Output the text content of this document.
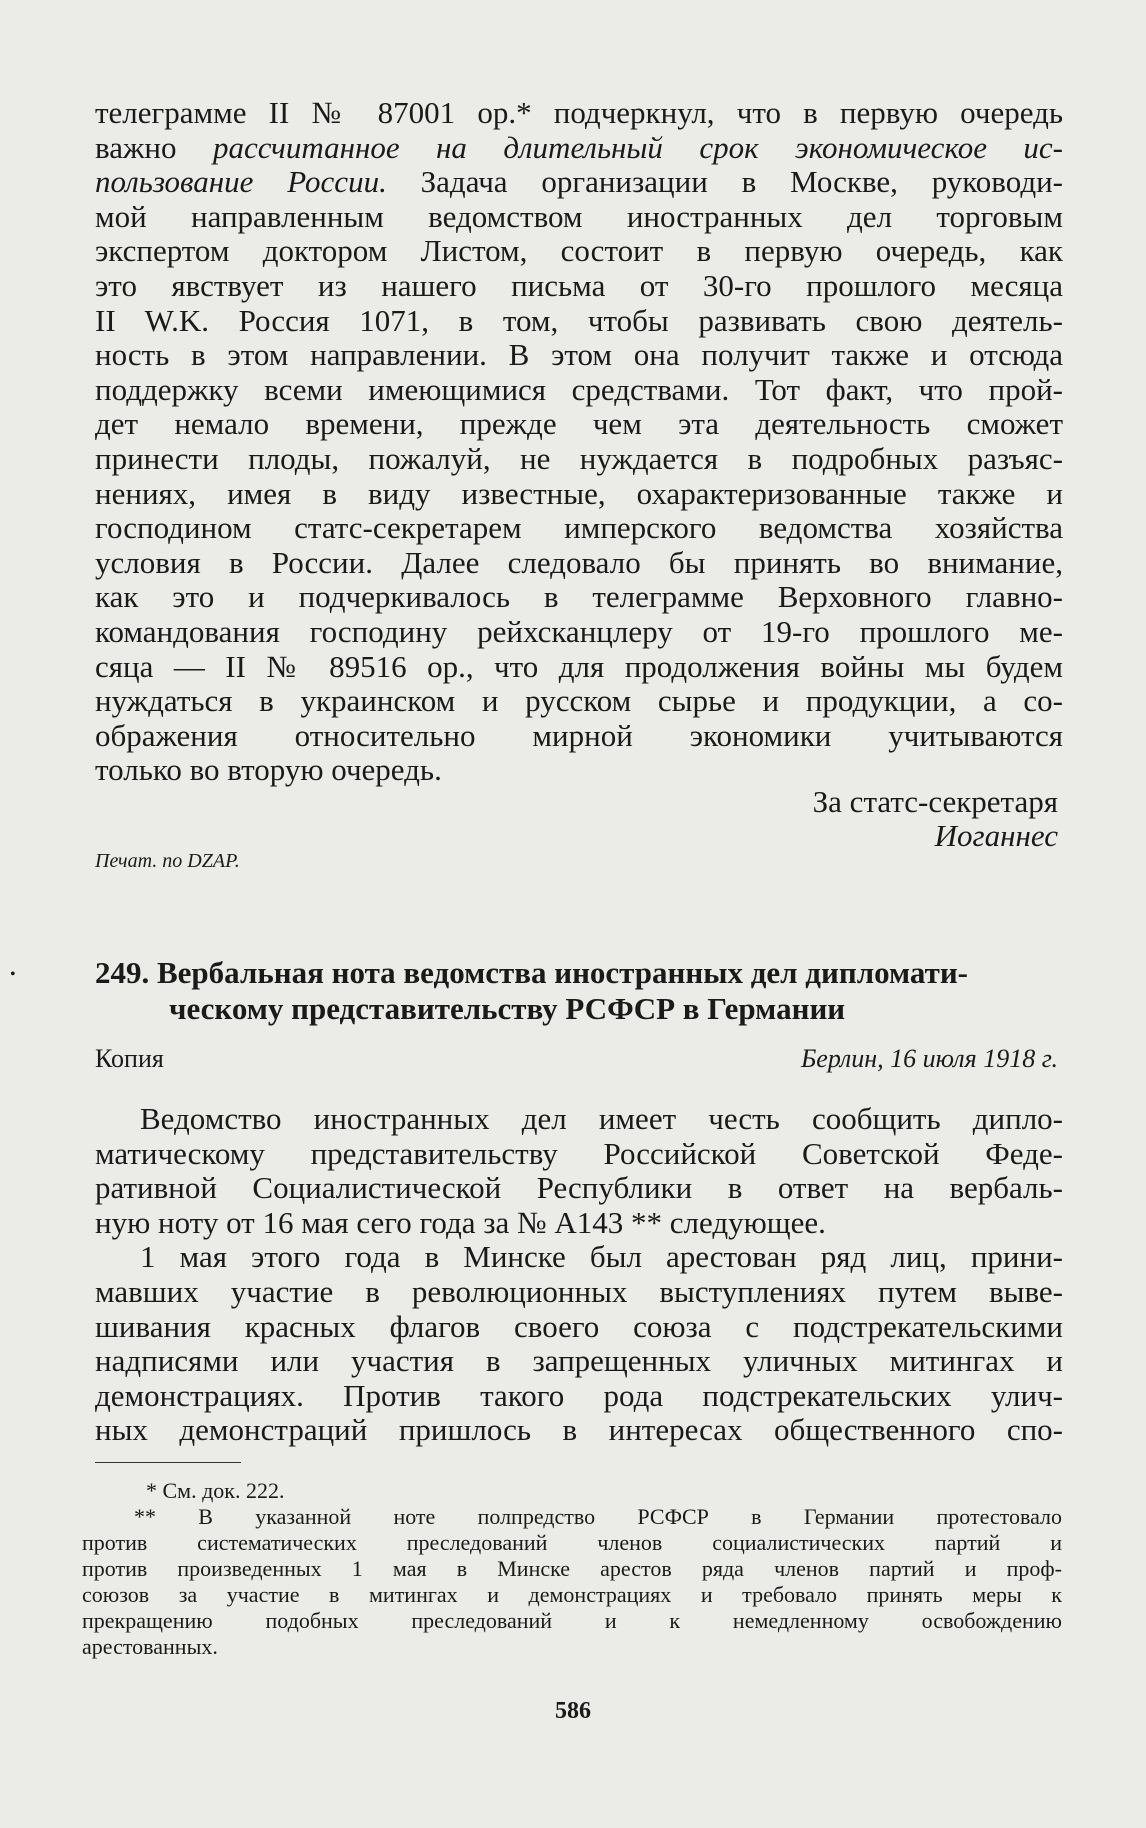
телеграмме II № 87001 ор.* подчеркнул, что в первую очередь
важно рассчитанное на длительный срок экономическое ис-
пользование России. Задача организации в Москве, руководи-
мой направленным ведомством иностранных дел торговым
экспертом доктором Листом, состоит в первую очередь, как
это явствует из нашего письма от 30-го прошлого месяца
II W.K. Россия 1071, в том, чтобы развивать свою деятель-
ность в этом направлении. В этом она получит также и отсюда
поддержку всеми имеющимися средствами. Тот факт, что прой-
дет немало времени, прежде чем эта деятельность сможет
принести плоды, пожалуй, не нуждается в подробных разъяс-
нениях, имея в виду известные, охарактеризованные также и
господином статс-секретарем имперского ведомства хозяйства
условия в России. Далее следовало бы принять во внимание,
как это и подчеркивалось в телеграмме Верховного главно-
командования господину рейхсканцлеру от 19-го прошлого ме-
сяца — II № 89516 ор., что для продолжения войны мы будем
нуждаться в украинском и русском сырье и продукции, а со-
ображения относительно мирной экономики учитываются
только во вторую очередь.
За статс-секретаря
Иоганнес
Печат. по DZAP.
•	249. Вербальная нота ведомства иностранных дел дипломати-
ческому представительству РСФСР в Германии
Копия	Берлин, 16 июля 1918 г.
Ведомство иностранных дел имеет честь сообщить дипло-
матическому представительству Российской Советской Феде-
ративной Социалистической Республики в ответ на вербаль-
ную ноту от 16 мая сего года за № А143 ** следующее.
1 мая этого года в Минске был арестован ряд лиц, прини-
мавших участие в революционных выступлениях путем выве-
шивания красных флагов своего союза с подстрекательскими
надписями или участия в запрещенных уличных митингах и
демонстрациях. Против такого рода подстрекательских улич-
ных демонстраций пришлось в интересах общественного спо-
* См. док. 222.
** В указанной ноте полпредство РСФСР в Германии протестовало
против систематических преследований членов социалистических партий и
против произведенных 1 мая в Минске арестов ряда членов партий и проф-
союзов за участие в митингах и демонстрациях и требовало принять меры к
прекращению подобных преследований и к немедленному освобождению
арестованных.
586
